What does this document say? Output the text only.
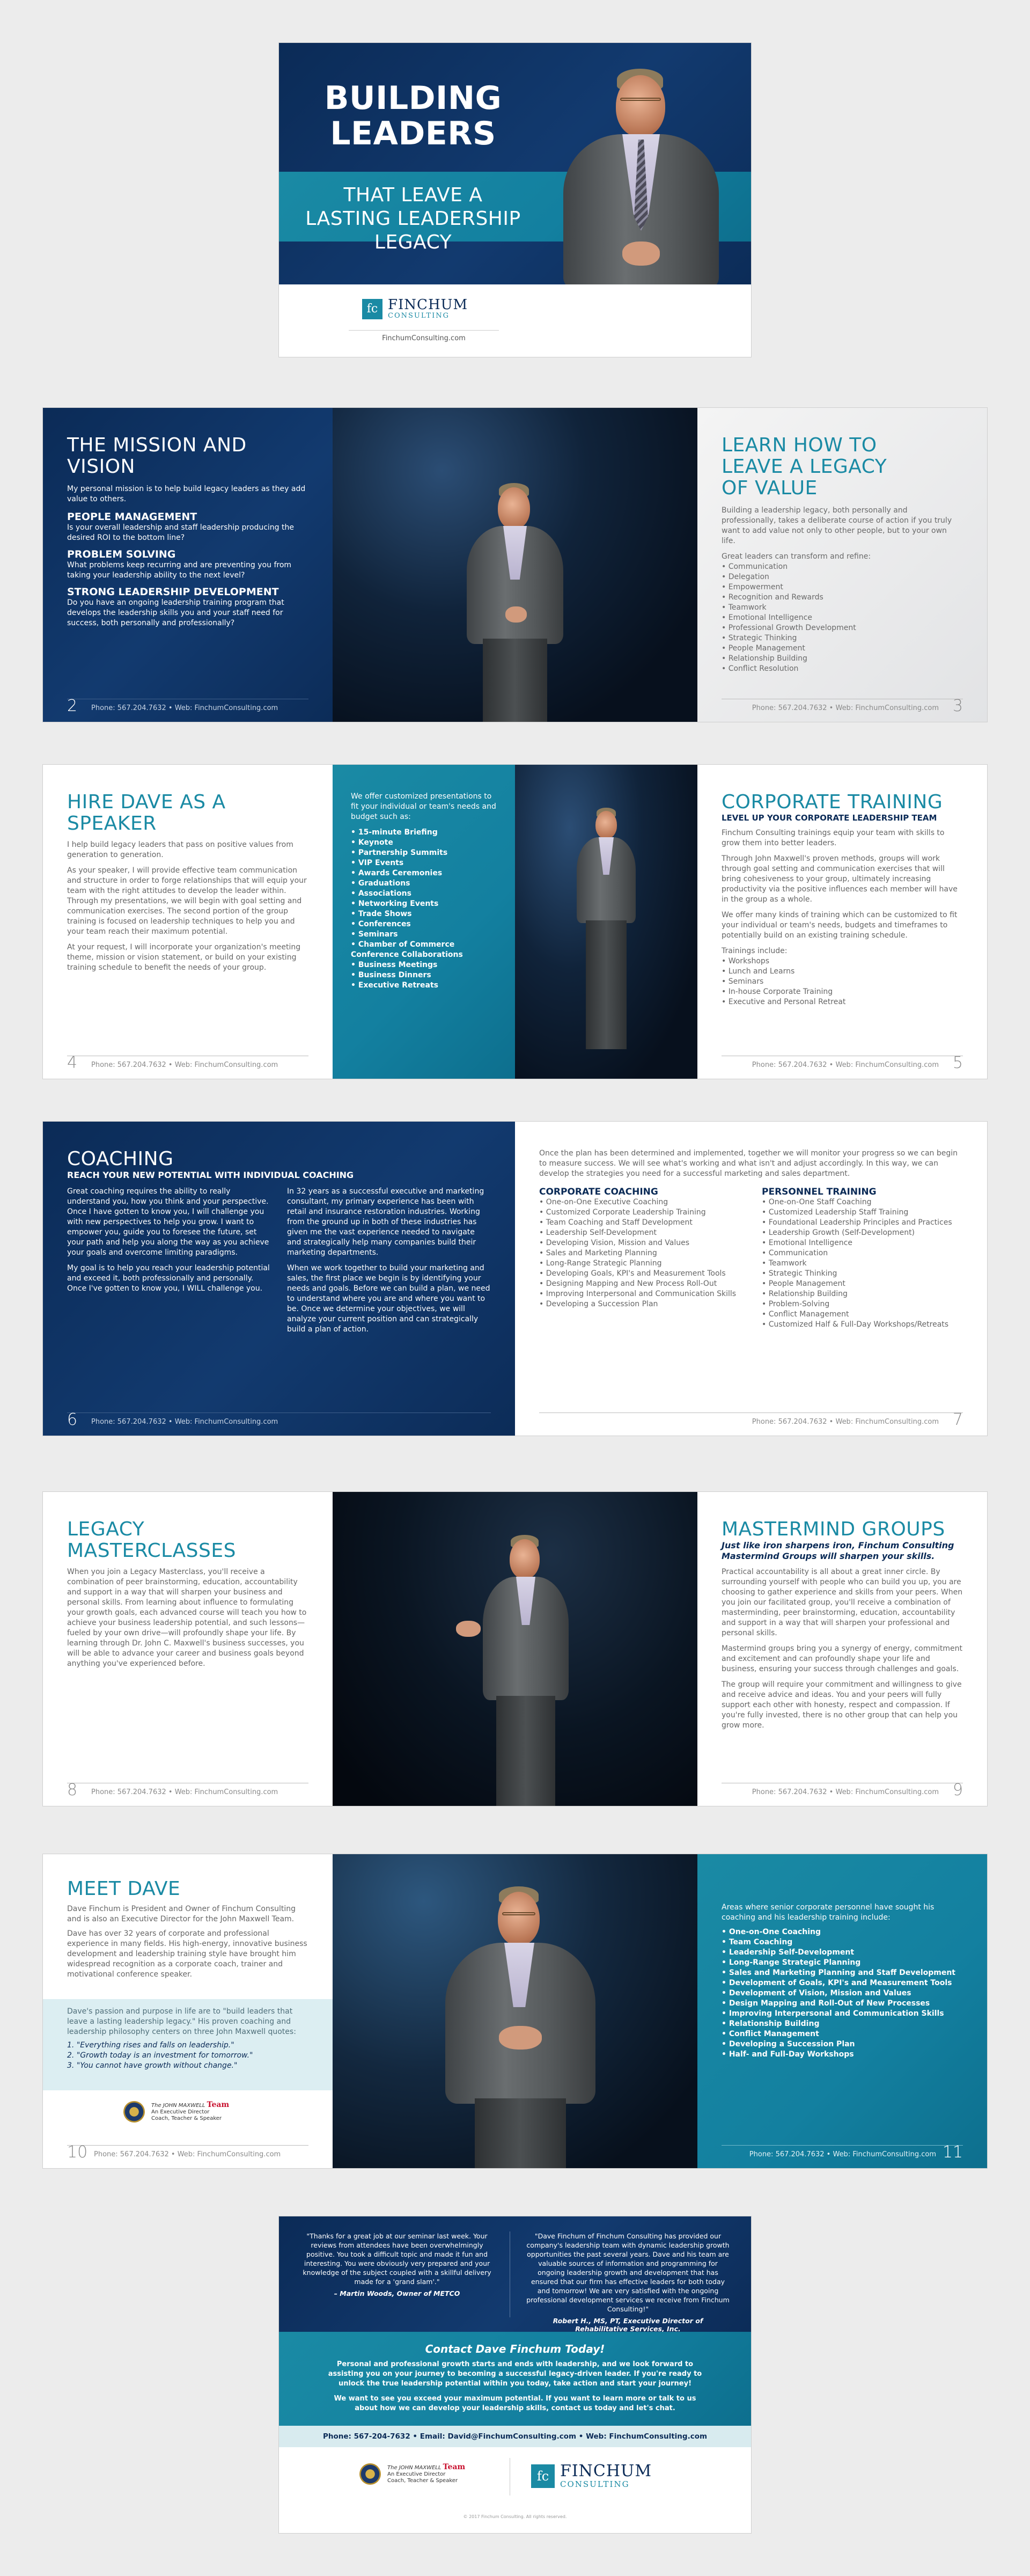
BUILDING LEADERS
THAT LEAVE A LASTING LEADERSHIP LEGACY
fc FINCHUM
CONSULTING
FinchumConsulting.com
THE MISSION AND VISION
My personal mission is to help build legacy leaders as they add value to others.
PEOPLE MANAGEMENT
Is your overall leadership and staff leadership producing the desired ROI to the bottom line?
PROBLEM SOLVING
What problems keep recurring and are preventing you from taking your leadership ability to the next level?
STRONG LEADERSHIP DEVELOPMENT
Do you have an ongoing leadership training program that develops the leadership skills you and your staff need for success, both personally and professionally?
2 Phone: 567.204.7632 • Web: FinchumConsulting.com
LEARN HOW TO LEAVE A LEGACY OF VALUE
Building a leadership legacy, both personally and professionally, takes a deliberate course of action if you truly want to add value not only to other people, but to your own life.
Great leaders can transform and refine:
• Communication
• Delegation
• Empowerment
• Recognition and Rewards
• Teamwork
• Emotional Intelligence
• Professional Growth Development
• Strategic Thinking
• People Management
• Relationship Building
• Conflict Resolution
Phone: 567.204.7632 • Web: FinchumConsulting.com 3
HIRE DAVE AS A SPEAKER
I help build legacy leaders that pass on positive values from generation to generation.
As your speaker, I will provide effective team communication and structure in order to forge relationships that will equip your team with the right attitudes to develop the leader within. Through my presentations, we will begin with goal setting and communication exercises. The second portion of the group training is focused on leadership techniques to help you and your team reach their maximum potential.
At your request, I will incorporate your organization's meeting theme, mission or vision statement, or build on your existing training schedule to benefit the needs of your group.
4 Phone: 567.204.7632 • Web: FinchumConsulting.com
We offer customized presentations to fit your individual or team's needs and budget such as:
• 15-minute Briefing
• Keynote
• Partnership Summits
• VIP Events
• Awards Ceremonies
• Graduations
• Associations
• Networking Events
• Trade Shows
• Conferences
• Seminars
• Chamber of Commerce Conference Collaborations
• Business Meetings
• Business Dinners
• Executive Retreats
CORPORATE TRAINING
LEVEL UP YOUR CORPORATE LEADERSHIP TEAM
Finchum Consulting trainings equip your team with skills to grow them into better leaders.
Through John Maxwell's proven methods, groups will work through goal setting and communication exercises that will bring cohesiveness to your group, ultimately increasing productivity via the positive influences each member will have in the group as a whole.
We offer many kinds of training which can be customized to fit your individual or team's needs, budgets and timeframes to potentially build on an existing training schedule.
Trainings include:
• Workshops
• Lunch and Learns
• Seminars
• In-house Corporate Training
• Executive and Personal Retreat
Phone: 567.204.7632 • Web: FinchumConsulting.com 5
COACHING
REACH YOUR NEW POTENTIAL WITH INDIVIDUAL COACHING
Great coaching requires the ability to really understand you, how you think and your perspective. Once I have gotten to know you, I will challenge you with new perspectives to help you grow. I want to empower you, guide you to foresee the future, set your path and help you along the way as you achieve your goals and overcome limiting paradigms.
My goal is to help you reach your leadership potential and exceed it, both professionally and personally. Once I've gotten to know you, I WILL challenge you.
In 32 years as a successful executive and marketing consultant, my primary experience has been with retail and insurance restoration industries. Working from the ground up in both of these industries has given me the vast experience needed to navigate and strategically help many companies build their marketing departments.
When we work together to build your marketing and sales, the first place we begin is by identifying your needs and goals. Before we can build a plan, we need to understand where you are and where you want to be. Once we determine your objectives, we will analyze your current position and can strategically build a plan of action.
6 Phone: 567.204.7632 • Web: FinchumConsulting.com
Once the plan has been determined and implemented, together we will monitor your progress so we can begin to measure success. We will see what's working and what isn't and adjust accordingly. In this way, we can develop the strategies you need for a successful marketing and sales department.
CORPORATE COACHING
• One-on-One Executive Coaching
• Customized Corporate Leadership Training
• Team Coaching and Staff Development
• Leadership Self-Development
• Developing Vision, Mission and Values
• Sales and Marketing Planning
• Long-Range Strategic Planning
• Developing Goals, KPI's and Measurement Tools
• Designing Mapping and New Process Roll-Out
• Improving Interpersonal and Communication Skills
• Developing a Succession Plan
PERSONNEL TRAINING
• One-on-One Staff Coaching
• Customized Leadership Staff Training
• Foundational Leadership Principles and Practices
• Leadership Growth (Self-Development)
• Emotional Intelligence
• Communication
• Teamwork
• Strategic Thinking
• People Management
• Relationship Building
• Problem-Solving
• Conflict Management
• Customized Half & Full-Day Workshops/Retreats
Phone: 567.204.7632 • Web: FinchumConsulting.com 7
LEGACY MASTERCLASSES
When you join a Legacy Masterclass, you'll receive a combination of peer brainstorming, education, accountability and support in a way that will sharpen your business and personal skills. From learning about influence to formulating your growth goals, each advanced course will teach you how to achieve your business leadership potential, and such lessons—fueled by your own drive—will profoundly shape your life. By learning through Dr. John C. Maxwell's business successes, you will be able to advance your career and business goals beyond anything you've experienced before.
8 Phone: 567.204.7632 • Web: FinchumConsulting.com
MASTERMIND GROUPS
Just like iron sharpens iron, Finchum Consulting Mastermind Groups will sharpen your skills.
Practical accountability is all about a great inner circle. By surrounding yourself with people who can build you up, you are choosing to gather experience and skills from your peers. When you join our facilitated group, you'll receive a combination of masterminding, peer brainstorming, education, accountability and support in a way that will sharpen your professional and personal skills.
Mastermind groups bring you a synergy of energy, commitment and excitement and can profoundly shape your life and business, ensuring your success through challenges and goals.
The group will require your commitment and willingness to give and receive advice and ideas. You and your peers will fully support each other with honesty, respect and compassion. If you're fully invested, there is no other group that can help you grow more.
Phone: 567.204.7632 • Web: FinchumConsulting.com 9
MEET DAVE
Dave Finchum is President and Owner of Finchum Consulting and is also an Executive Director for the John Maxwell Team.
Dave has over 32 years of corporate and professional experience in many fields. His high-energy, innovative business development and leadership training style have brought him widespread recognition as a corporate coach, trainer and motivational conference speaker.
Dave's passion and purpose in life are to "build leaders that leave a lasting leadership legacy." His proven coaching and leadership philosophy centers on three John Maxwell quotes:
1. "Everything rises and falls on leadership."
2. "Growth today is an investment for tomorrow."
3. "You cannot have growth without change."
The JOHN MAXWELL Team
An Executive Director
Coach, Teacher & Speaker
10 Phone: 567.204.7632 • Web: FinchumConsulting.com
Areas where senior corporate personnel have sought his coaching and his leadership training include:
• One-on-One Coaching
• Team Coaching
• Leadership Self-Development
• Long-Range Strategic Planning
• Sales and Marketing Planning and Staff Development
• Development of Goals, KPI's and Measurement Tools
• Development of Vision, Mission and Values
• Design Mapping and Roll-Out of New Processes
• Improving Interpersonal and Communication Skills
• Relationship Building
• Conflict Management
• Developing a Succession Plan
• Half- and Full-Day Workshops
Phone: 567.204.7632 • Web: FinchumConsulting.com 11
"Thanks for a great job at our seminar last week. Your reviews from attendees have been overwhelmingly positive. You took a difficult topic and made it fun and interesting. You were obviously very prepared and your knowledge of the subject coupled with a skillful delivery made for a 'grand slam'."
– Martin Woods, Owner of METCO
"Dave Finchum of Finchum Consulting has provided our company's leadership team with dynamic leadership growth opportunities the past several years. Dave and his team are valuable sources of information and programming for ongoing leadership growth and development that has ensured that our firm has effective leaders for both today and tomorrow! We are very satisfied with the ongoing professional development services we receive from Finchum Consulting!"
Robert H., MS, PT, Executive Director of Rehabilitative Services, Inc.
Contact Dave Finchum Today!
Personal and professional growth starts and ends with leadership, and we look forward to assisting you on your journey to becoming a successful legacy-driven leader. If you're ready to unlock the true leadership potential within you today, take action and start your journey!
We want to see you exceed your maximum potential. If you want to learn more or talk to us about how we can develop your leadership skills, contact us today and let's chat.
Phone: 567-204-7632 • Email: David@FinchumConsulting.com • Web: FinchumConsulting.com
The JOHN MAXWELL Team
An Executive Director
Coach, Teacher & Speaker	fc FINCHUM
CONSULTING
© 2017 Finchum Consulting. All rights reserved.
